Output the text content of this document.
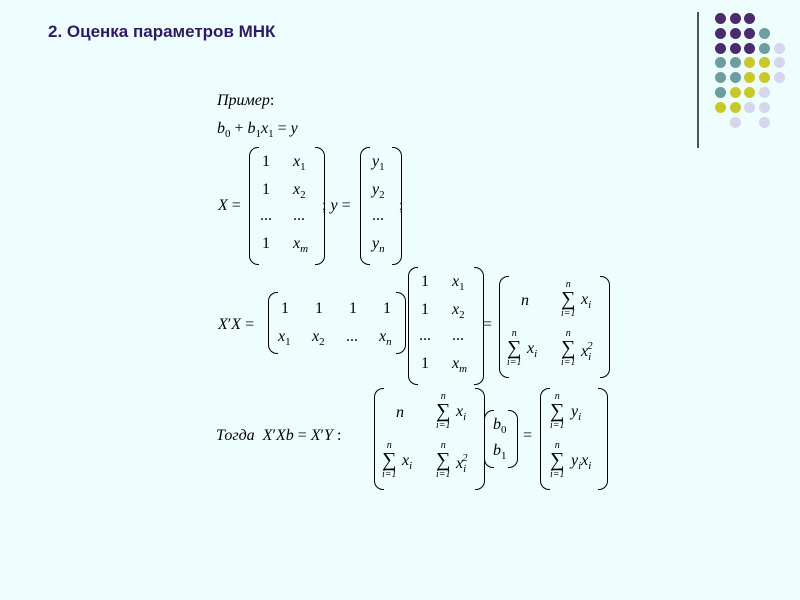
2. Оценка параметров МНК
Пример:
$b_0 + b_1x_1 = y$
X =
1 $x_1$
1 $x_2$
... ...
1 $x_m$
; y =
$y_1$
$y_2$
...
$y_n$
;
X′X =
1 1 1 1
$x_1$ $x_2$ ... $x_n$
1 $x_1$
1 $x_2$
... ...
1 $x_m$
=
n
n
∑
i=1
$x_i$
n
∑
i=1
$x_i$
n
∑
i=1
$x_i^2$
Тогда X′Xb = X′Y :
n
n
∑
i=1
$x_i$
n
∑
i=1
$x_i$
n
∑
i=1
$x_i^2$
$b_0$
$b_1$
=
n
∑
i=1
$y_i$
n
∑
i=1
$y_ix_i$
